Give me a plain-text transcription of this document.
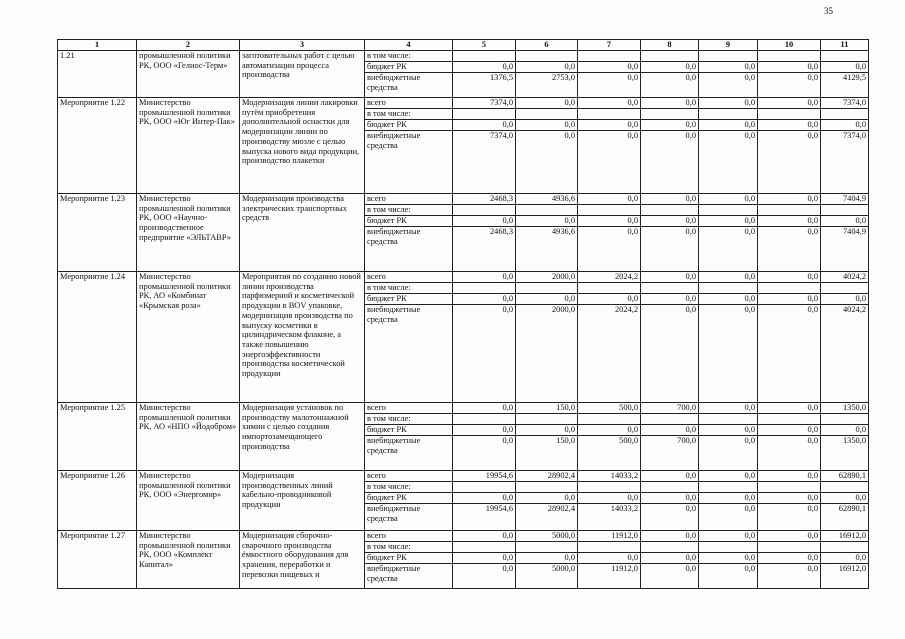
35
1	2	3	4	5	6	7	8	9	10	11
1.21	промышленной политики РК, ООО «Гелиос-Терм»	заготовительных работ с целью автоматизации процесса производства	в том числе:							
			бюджет РК	0,0	0,0	0,0	0,0	0,0	0,0	0,0
			внебюджетные средства	1376,5	2753,0	0,0	0,0	0,0	0,0	4129,5
Мероприятие 1.22	Министерство промышленной политики РК, ООО «Юг Интер-Пак»	Модернизация линии лакировки путём приобретения дополнительной оснастки для модернизации линии по производству мюзле с целью выпуска нового вида продукции, производство плакетки	всего	7374,0	0,0	0,0	0,0	0,0	0,0	7374,0
			в том числе:							
			бюджет РК	0,0	0,0	0,0	0,0	0,0	0,0	0,0
			внебюджетные средства	7374,0	0,0	0,0	0,0	0,0	0,0	7374,0
Мероприятие 1.23	Министерство промышленной политики РК, ООО «Научно-производственное предприятие «ЭЛЬТАВР»	Модернизация производства электрических транспортных средств	всего	2468,3	4936,6	0,0	0,0	0,0	0,0	7404,9
			в том числе:							
			бюджет РК	0,0	0,0	0,0	0,0	0,0	0,0	0,0
			внебюджетные средства	2468,3	4936,6	0,0	0,0	0,0	0,0	7404,9
Мероприятие 1.24	Министерство промышленной политики РК, АО «Комбинат «Крымская роза»	Мероприятия по созданию новой линии производства парфюмерной и косметической продукции в BOV упаковке, модернизация производства по выпуску косметики в цилиндрическом флаконе, а также повышению энергоэффективности производства косметической продукции	всего	0,0	2000,0	2024,2	0,0	0,0	0,0	4024,2
			в том числе:							
			бюджет РК	0,0	0,0	0,0	0,0	0,0	0,0	0,0
			внебюджетные средства	0,0	2000,0	2024,2	0,0	0,0	0,0	4024,2
Мероприятие 1.25	Министерство промышленной политики РК, АО «НПО «Йодобром»	Модернизация установок по производству малотоннажной химии с целью создания импортозамещающего производства	всего	0,0	150,0	500,0	700,0	0,0	0,0	1350,0
			в том числе:							
			бюджет РК	0,0	0,0	0,0	0,0	0,0	0,0	0,0
			внебюджетные средства	0,0	150,0	500,0	700,0	0,0	0,0	1350,0
Мероприятие 1.26	Министерство промышленной политики РК, ООО «Энергомир»	Модернизация производственных линий кабельно-проводниковой продукции	всего	19954,6	28902,4	14033,2	0,0	0,0	0,0	62890,1
			в том числе:							
			бюджет РК	0,0	0,0	0,0	0,0	0,0	0,0	0,0
			внебюджетные средства	19954,6	28902,4	14033,2	0,0	0,0	0,0	62890,1
Мероприятие 1.27	Министерство промышленной политики РК, ООО «Комплект Капитал»	Модернизация сборочно-сварочного производства ёмкостного оборудования для хранения, переработки и перевозки пищевых и	всего	0,0	5000,0	11912,0	0,0	0,0	0,0	16912,0
			в том числе:							
			бюджет РК	0,0	0,0	0,0	0,0	0,0	0,0	0,0
			внебюджетные средства	0,0	5000,0	11912,0	0,0	0,0	0,0	16912,0
